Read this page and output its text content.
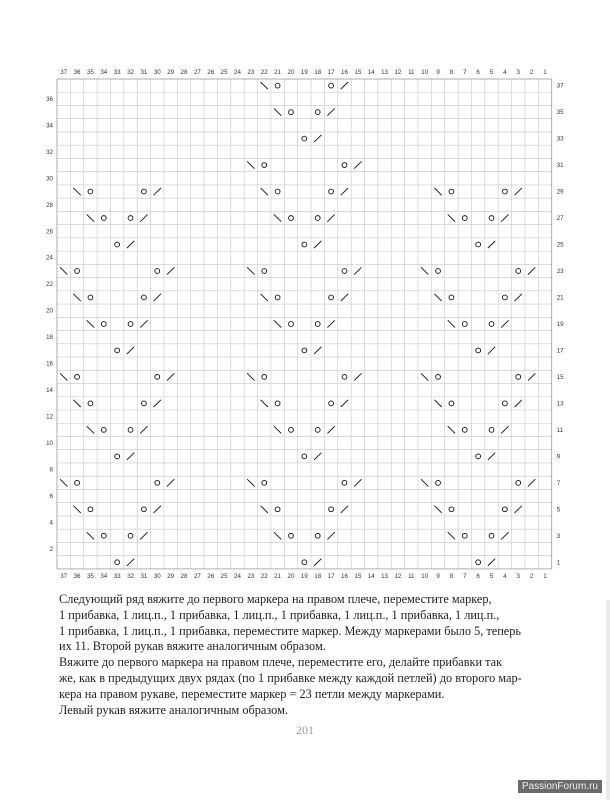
37
37
36
36
35
35
34
34
33
33
32
32
31
31
30
30
29
29
28
28
27
27
26
26
25
25
24
24
23
23
22
22
21
21
20
20
19
19
18
18
17
17
16
16
15
15
14
14
13
13
12
12
11
11
10
10
9
9
8
8
7
7
6
6
5
5
4
4
3
3
2
2
1
1
37
35
33
31
29
27
25
23
21
19
17
15
13
11
9
7
5
3
1
36
34
32
30
28
26
24
22
20
18
16
14
12
10
8
6
4
2

Следующий ряд вяжите до первого маркера на правом плече, переместите маркер,
1 прибавка, 1 лиц.п., 1 прибавка, 1 лиц.п., 1 прибавка, 1 лиц.п., 1 прибавка, 1 лиц.п.,
1 прибавка, 1 лиц.п., 1 прибавка, переместите маркер. Между маркерами было 5, теперь
их 11. Второй рукав вяжите аналогичным образом.

Вяжите до первого маркера на правом плече, переместите его, делайте прибавки так
же, как в предыдущих двух рядах (по 1 прибавке между каждой петлей) до второго мар-
кера на правом рукаве, переместите маркер = 23 петли между маркерами.
Левый рукав вяжите аналогичным образом.

201
PassionForum.ru
